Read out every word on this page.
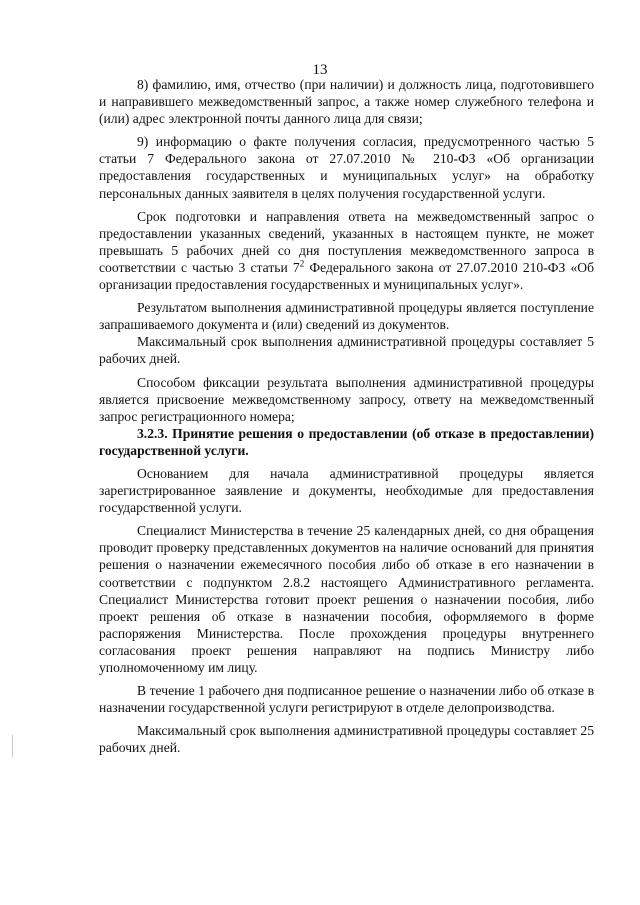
13

8) фамилию, имя, отчество (при наличии) и должность лица, подготовившего и направившего межведомственный запрос, а также номер служебного телефона и (или) адрес электронной почты данного лица для связи;

9) информацию о факте получения согласия, предусмотренного частью 5 статьи 7 Федерального закона от 27.07.2010 № 210-ФЗ «Об организации предоставления государственных и муниципальных услуг» на обработку персональных данных заявителя в целях получения государственной услуги.

Срок подготовки и направления ответа на межведомственный запрос о предоставлении указанных сведений, указанных в настоящем пункте, не может превышать 5 рабочих дней со дня поступления межведомственного запроса в соответствии с частью 3 статьи $7^2$ Федерального закона от 27.07.2010 210-ФЗ «Об организации предоставления государственных и муниципальных услуг».

Результатом выполнения административной процедуры является поступление запрашиваемого документа и (или) сведений из документов.

Максимальный срок выполнения административной процедуры составляет 5 рабочих дней.

Способом фиксации результата выполнения административной процедуры является присвоение межведомственному запросу, ответу на межведомственный запрос регистрационного номера;

3.2.3. Принятие решения о предоставлении (об отказе в предоставлении) государственной услуги.

Основанием для начала административной процедуры является зарегистрированное заявление и документы, необходимые для предоставления государственной услуги.

Специалист Министерства в течение 25 календарных дней, со дня обращения проводит проверку представленных документов на наличие оснований для принятия решения о назначении ежемесячного пособия либо об отказе в его назначении в соответствии с подпунктом 2.8.2 настоящего Административного регламента. Специалист Министерства готовит проект решения о назначении пособия, либо проект решения об отказе в назначении пособия, оформляемого в форме распоряжения Министерства. После прохождения процедуры внутреннего согласования проект решения направляют на подпись Министру либо уполномоченному им лицу.

В течение 1 рабочего дня подписанное решение о назначении либо об отказе в назначении государственной услуги регистрируют в отделе делопроизводства.

Максимальный срок выполнения административной процедуры составляет 25 рабочих дней.
